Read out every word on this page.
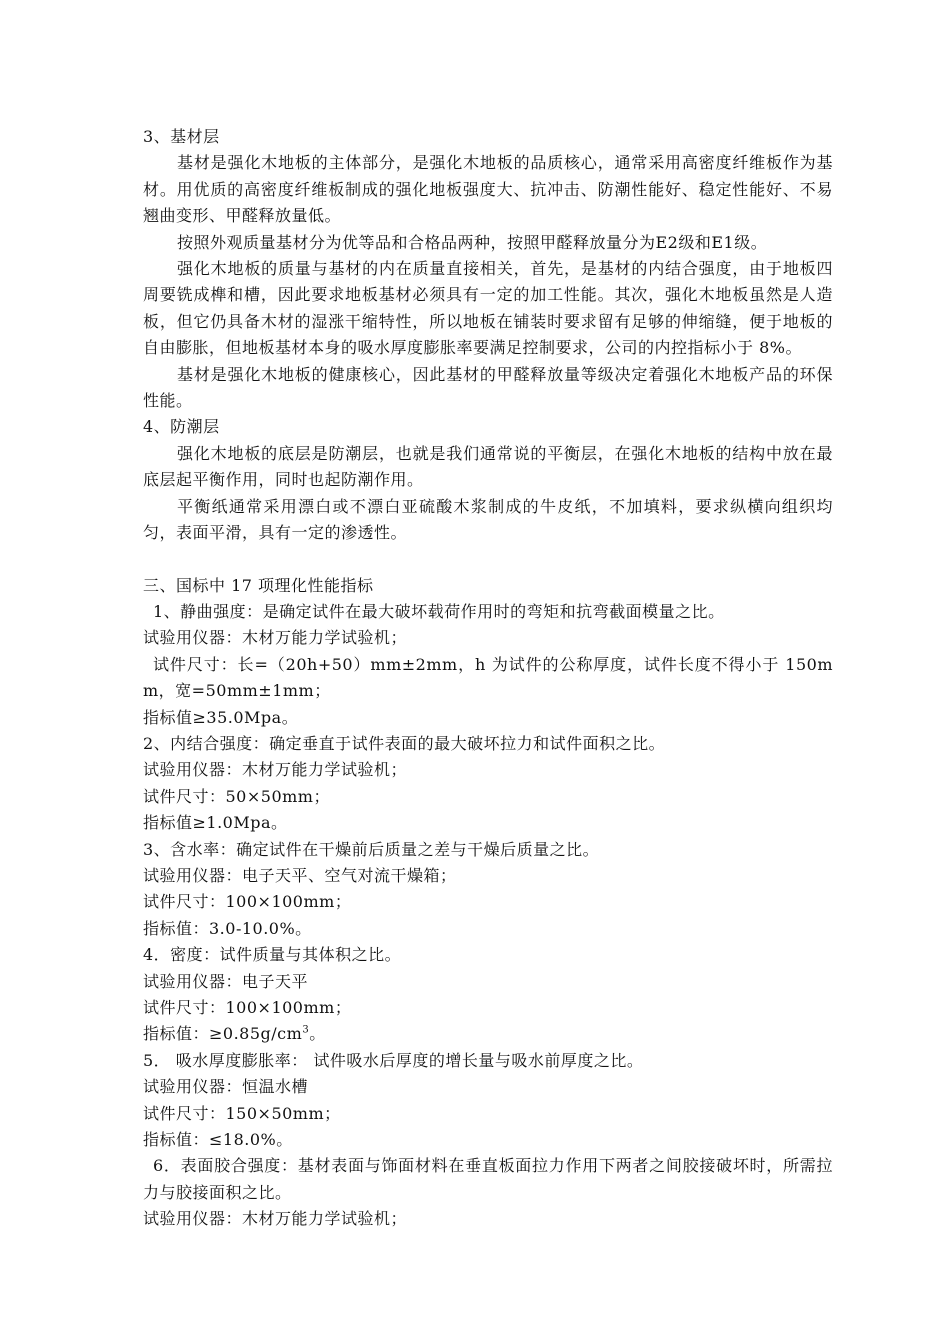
3、基材层

基材是强化木地板的主体部分，是强化木地板的品质核心，通常采用高密度纤维板作为基材。用优质的高密度纤维板制成的强化地板强度大、抗冲击、防潮性能好、稳定性能好、不易翘曲变形、甲醛释放量低。

按照外观质量基材分为优等品和合格品两种，按照甲醛释放量分为E2级和E1级。

强化木地板的质量与基材的内在质量直接相关，首先，是基材的内结合强度，由于地板四周要铣成榫和槽，因此要求地板基材必须具有一定的加工性能。其次，强化木地板虽然是人造板，但它仍具备木材的湿涨干缩特性，所以地板在铺装时要求留有足够的伸缩缝，便于地板的自由膨胀，但地板基材本身的吸水厚度膨胀率要满足控制要求，公司的内控指标小于 8%。

基材是强化木地板的健康核心，因此基材的甲醛释放量等级决定着强化木地板产品的环保性能。

4、防潮层

强化木地板的底层是防潮层，也就是我们通常说的平衡层，在强化木地板的结构中放在最底层起平衡作用，同时也起防潮作用。

平衡纸通常采用漂白或不漂白亚硫酸木浆制成的牛皮纸，不加填料，要求纵横向组织均匀，表面平滑，具有一定的渗透性。

三、国标中 17 项理化性能指标

1、静曲强度：是确定试件在最大破坏载荷作用时的弯矩和抗弯截面模量之比。

试验用仪器：木材万能力学试验机；

试件尺寸：长=（20h+50）mm±2mm，h 为试件的公称厚度，试件长度不得小于 150mm，宽=50mm±1mm；

指标值≥35.0Mpa。

2、内结合强度：确定垂直于试件表面的最大破坏拉力和试件面积之比。

试验用仪器：木材万能力学试验机；

试件尺寸：50×50mm；

指标值≥1.0Mpa。

3、含水率：确定试件在干燥前后质量之差与干燥后质量之比。

试验用仪器：电子天平、空气对流干燥箱；

试件尺寸：100×100mm；

指标值：3.0-10.0%。

4．密度：试件质量与其体积之比。

试验用仪器：电子天平

试件尺寸：100×100mm；

指标值：$\ge 0.85g/cm^3$。

5． 吸水厚度膨胀率： 试件吸水后厚度的增长量与吸水前厚度之比。

试验用仪器：恒温水槽

试件尺寸：150×50mm；

指标值：≤18.0%。

6．表面胶合强度：基材表面与饰面材料在垂直板面拉力作用下两者之间胶接破坏时，所需拉力与胶接面积之比。

试验用仪器：木材万能力学试验机；
